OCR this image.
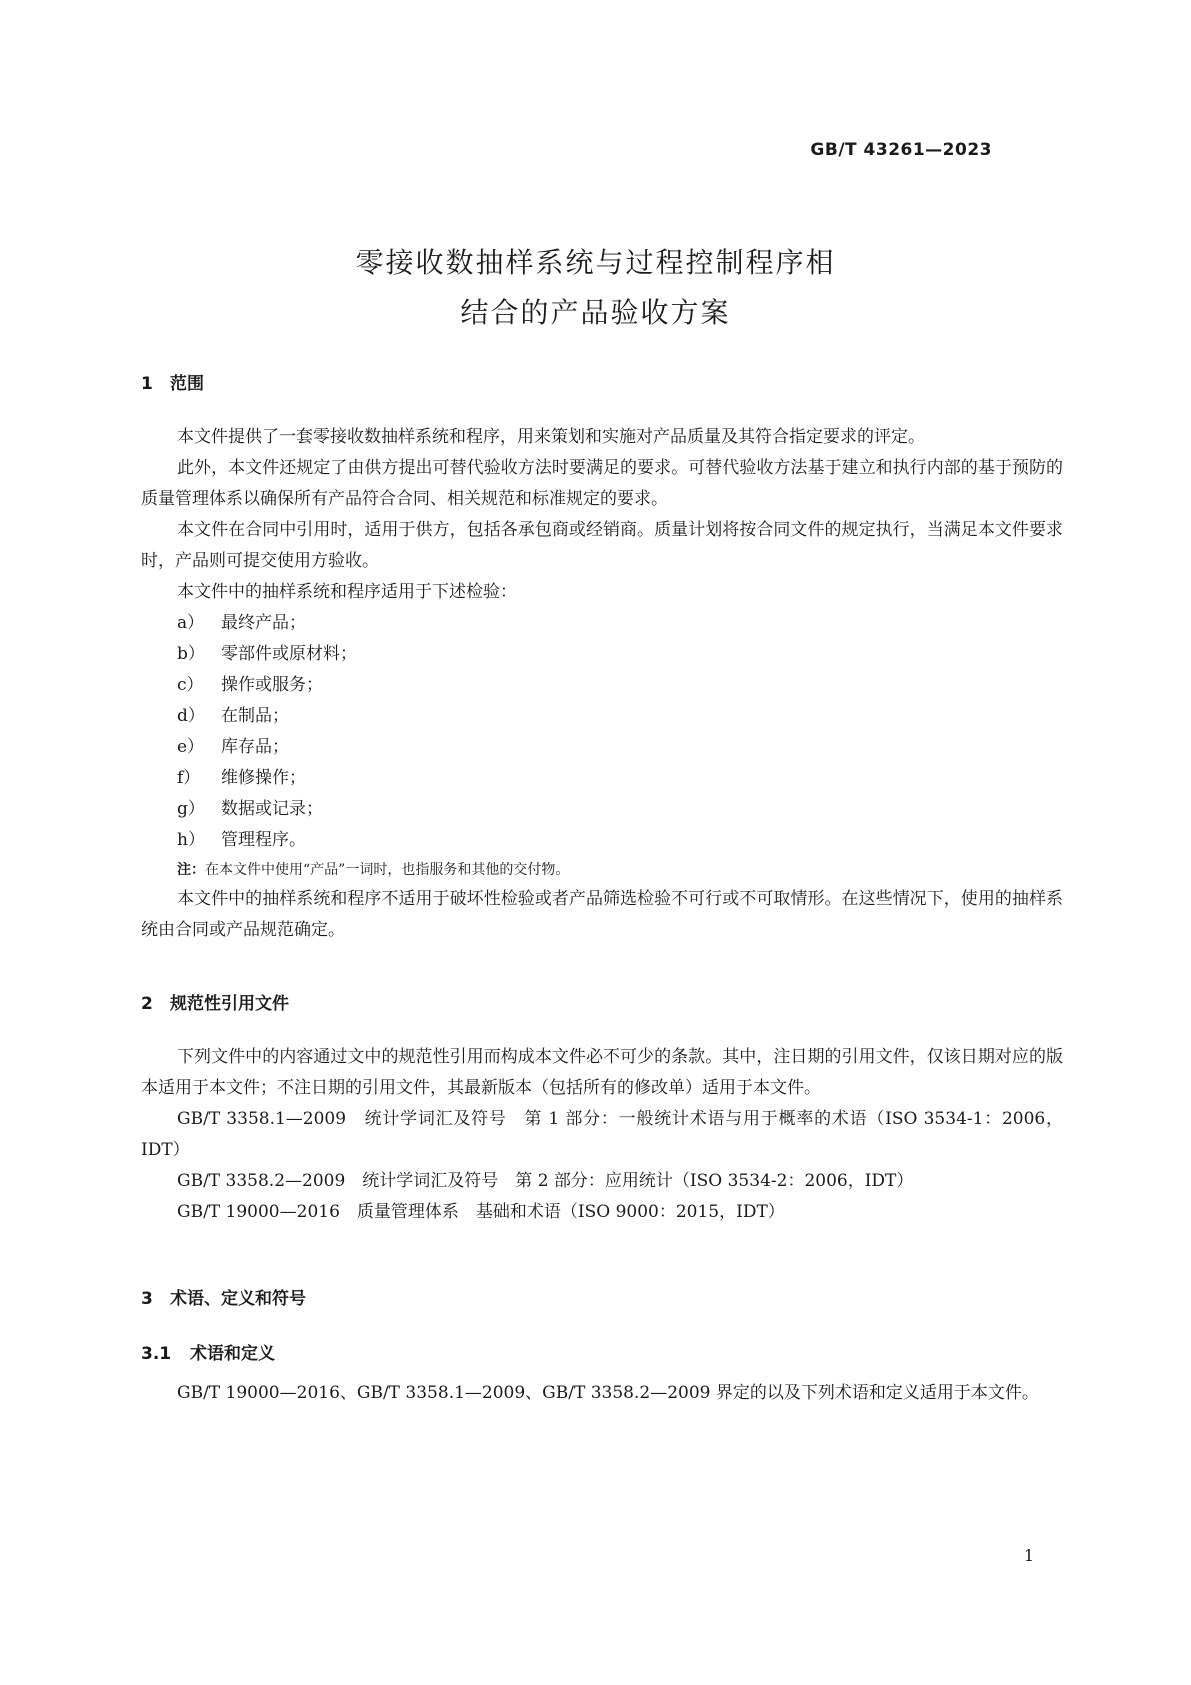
GB/T 43261—2023
零接收数抽样系统与过程控制程序相
结合的产品验收方案
1 范围

本文件提供了一套零接收数抽样系统和程序，用来策划和实施对产品质量及其符合指定要求的评定。

此外，本文件还规定了由供方提出可替代验收方法时要满足的要求。可替代验收方法基于建立和执行内部的基于预防的质量管理体系以确保所有产品符合合同、相关规范和标准规定的要求。

本文件在合同中引用时，适用于供方，包括各承包商或经销商。质量计划将按合同文件的规定执行，当满足本文件要求时，产品则可提交使用方验收。

本文件中的抽样系统和程序适用于下述检验：

a） 最终产品；

b） 零部件或原材料；

c） 操作或服务；

d） 在制品；

e） 库存品；

f） 维修操作；

g） 数据或记录；

h） 管理程序。

注：在本文件中使用“产品”一词时，也指服务和其他的交付物。

本文件中的抽样系统和程序不适用于破坏性检验或者产品筛选检验不可行或不可取情形。在这些情况下，使用的抽样系统由合同或产品规范确定。

2 规范性引用文件

下列文件中的内容通过文中的规范性引用而构成本文件必不可少的条款。其中，注日期的引用文件，仅该日期对应的版本适用于本文件；不注日期的引用文件，其最新版本（包括所有的修改单）适用于本文件。

GB/T 3358.1—2009　统计学词汇及符号　第 1 部分：一般统计术语与用于概率的术语（ISO 3534-1：2006，IDT）

GB/T 3358.2—2009　统计学词汇及符号　第 2 部分：应用统计（ISO 3534-2：2006，IDT）

GB/T 19000—2016　质量管理体系　基础和术语（ISO 9000：2015，IDT）

3 术语、定义和符号
3.1 术语和定义

GB/T 19000—2016、GB/T 3358.1—2009、GB/T 3358.2—2009 界定的以及下列术语和定义适用于本文件。

1
